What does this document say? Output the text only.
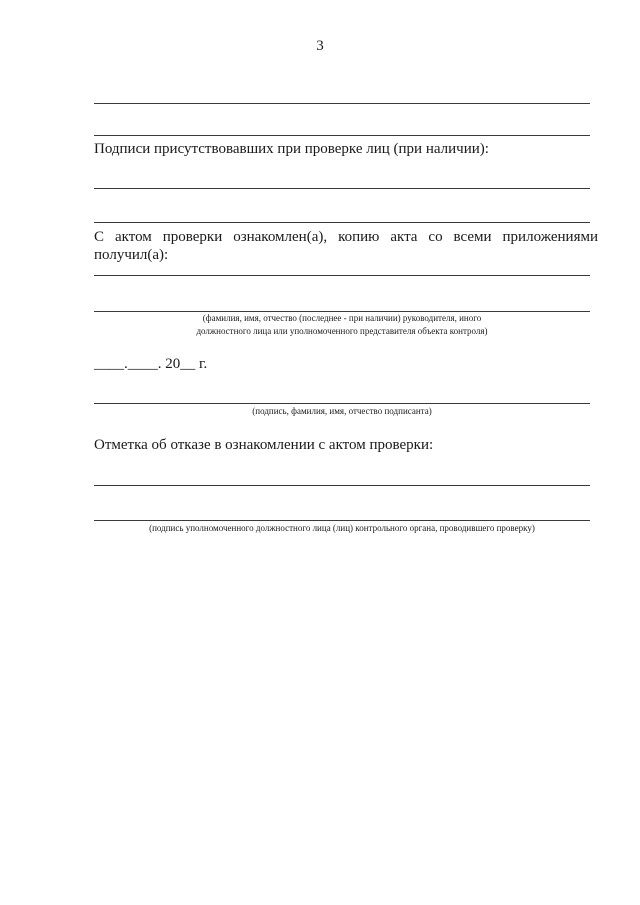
3
Подписи присутствовавших при проверке лиц (при наличии):
С актом проверки ознакомлен(а), копию акта со всеми приложениями получил(а):
(фамилия, имя, отчество (последнее - при наличии) руководителя, иного
должностного лица или уполномоченного представителя объекта контроля)
____.____. 20__ г.
(подпись, фамилия, имя, отчество подписанта)
Отметка об отказе в ознакомлении с актом проверки:
(подпись уполномоченного должностного лица (лиц) контрольного органа, проводившего проверку)
